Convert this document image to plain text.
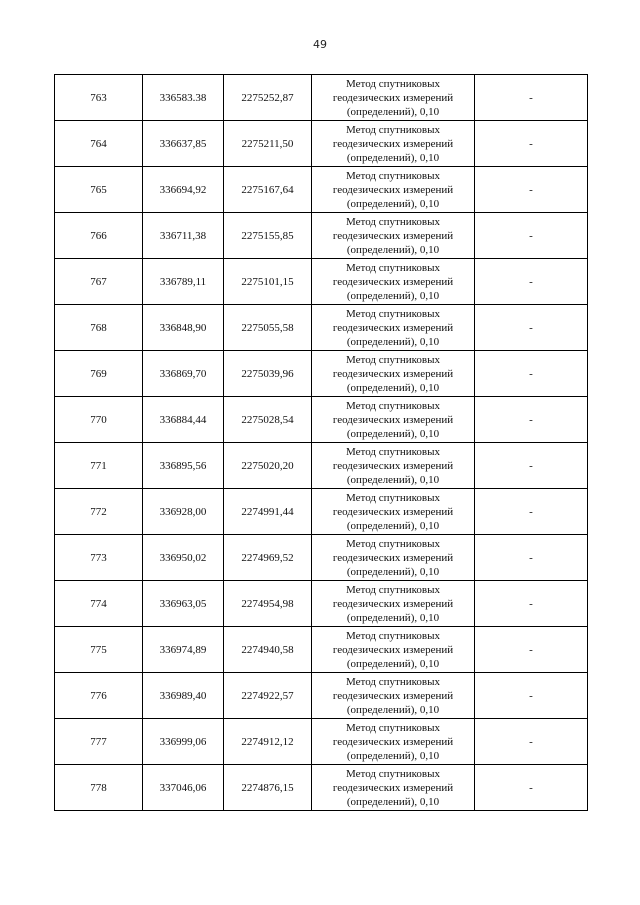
49
763	336583.38	2275252,87	Метод спутниковых
геодезических измерений
(определений), 0,10	-
764	336637,85	2275211,50	Метод спутниковых
геодезических измерений
(определений), 0,10	-
765	336694,92	2275167,64	Метод спутниковых
геодезических измерений
(определений), 0,10	-
766	336711,38	2275155,85	Метод спутниковых
геодезических измерений
(определений), 0,10	-
767	336789,11	2275101,15	Метод спутниковых
геодезических измерений
(определений), 0,10	-
768	336848,90	2275055,58	Метод спутниковых
геодезических измерений
(определений), 0,10	-
769	336869,70	2275039,96	Метод спутниковых
геодезических измерений
(определений), 0,10	-
770	336884,44	2275028,54	Метод спутниковых
геодезических измерений
(определений), 0,10	-
771	336895,56	2275020,20	Метод спутниковых
геодезических измерений
(определений), 0,10	-
772	336928,00	2274991,44	Метод спутниковых
геодезических измерений
(определений), 0,10	-
773	336950,02	2274969,52	Метод спутниковых
геодезических измерений
(определений), 0,10	-
774	336963,05	2274954,98	Метод спутниковых
геодезических измерений
(определений), 0,10	-
775	336974,89	2274940,58	Метод спутниковых
геодезических измерений
(определений), 0,10	-
776	336989,40	2274922,57	Метод спутниковых
геодезических измерений
(определений), 0,10	-
777	336999,06	2274912,12	Метод спутниковых
геодезических измерений
(определений), 0,10	-
778	337046,06	2274876,15	Метод спутниковых
геодезических измерений
(определений), 0,10	-
